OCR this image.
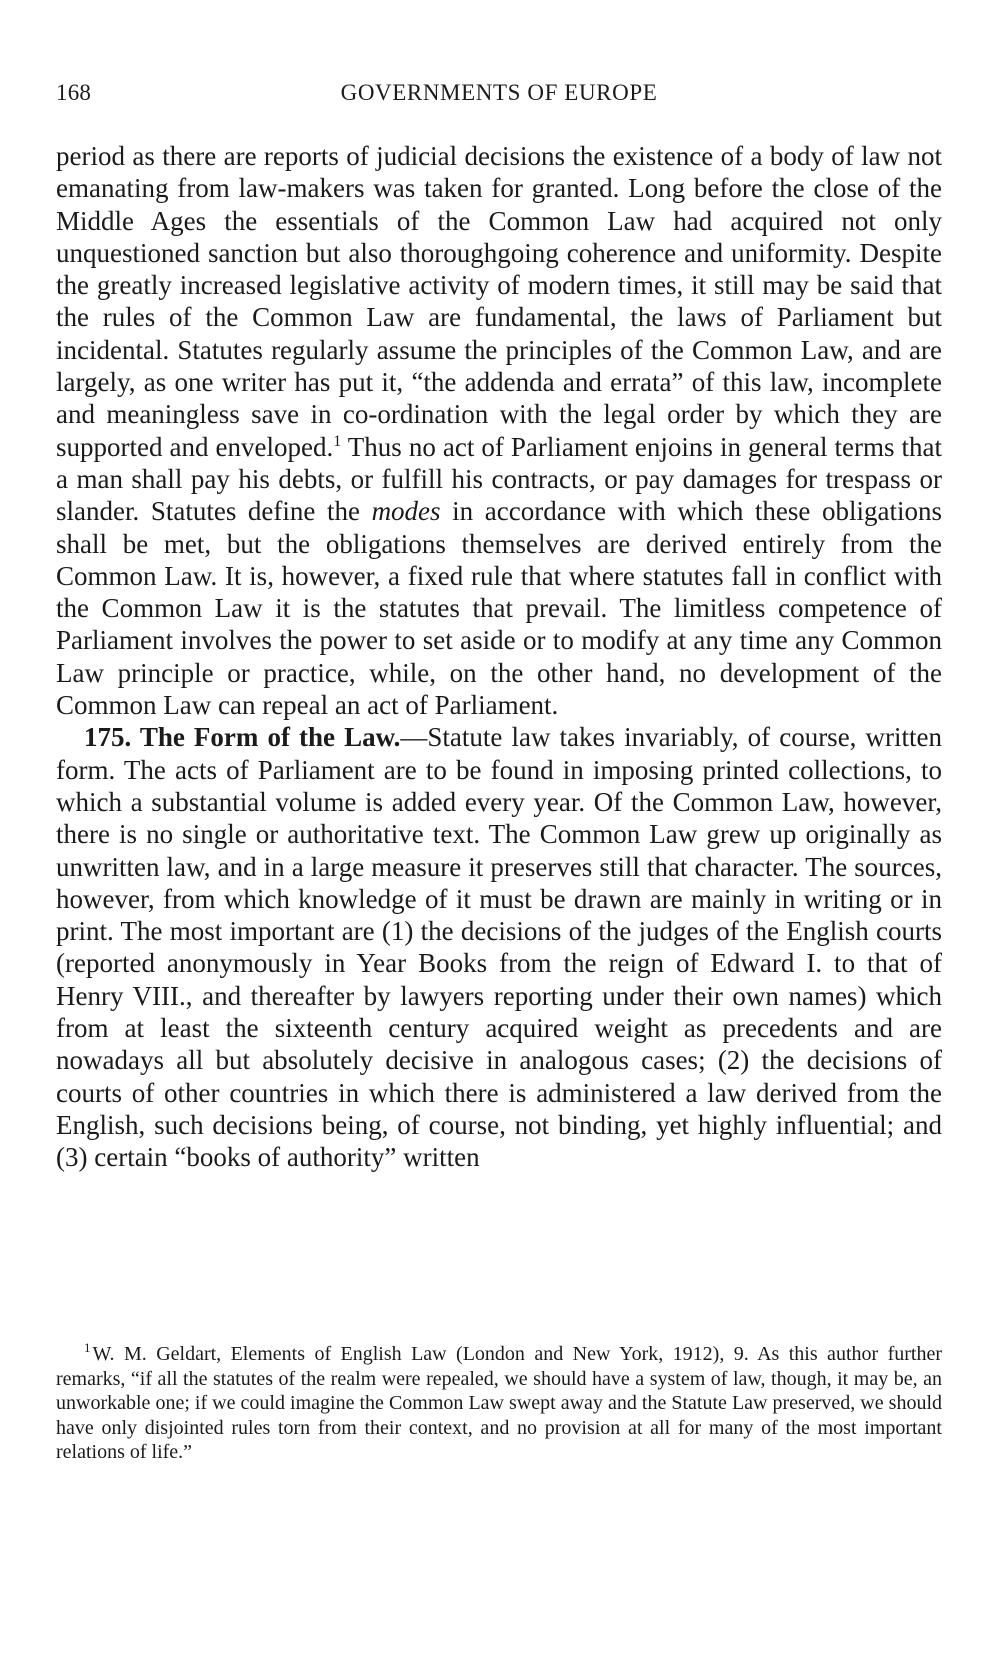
168	GOVERNMENTS OF EUROPE

period as there are reports of judicial decisions the existence of a body of law not emanating from law-makers was taken for granted. Long before the close of the Middle Ages the essentials of the Common Law had acquired not only unquestioned sanction but also thoroughgoing coherence and uniformity. Despite the greatly increased legislative activity of modern times, it still may be said that the rules of the Common Law are fundamental, the laws of Parliament but incidental. Statutes regularly assume the principles of the Common Law, and are largely, as one writer has put it, “the addenda and errata” of this law, incomplete and meaningless save in co-ordination with the legal order by which they are supported and enveloped.$^1$ Thus no act of Parliament enjoins in general terms that a man shall pay his debts, or fulfill his contracts, or pay damages for trespass or slander. Statutes define the modes in accordance with which these obligations shall be met, but the obligations themselves are derived entirely from the Common Law. It is, however, a fixed rule that where statutes fall in conflict with the Common Law it is the statutes that prevail. The limitless competence of Parliament involves the power to set aside or to modify at any time any Common Law principle or practice, while, on the other hand, no development of the Common Law can repeal an act of Parliament.

175. The Form of the Law.—Statute law takes invariably, of course, written form. The acts of Parliament are to be found in imposing printed collections, to which a substantial volume is added every year. Of the Common Law, however, there is no single or authoritative text. The Common Law grew up originally as unwritten law, and in a large measure it preserves still that character. The sources, however, from which knowledge of it must be drawn are mainly in writing or in print. The most important are (1) the decisions of the judges of the English courts (reported anonymously in Year Books from the reign of Edward I. to that of Henry VIII., and thereafter by lawyers reporting under their own names) which from at least the sixteenth century acquired weight as precedents and are nowadays all but absolutely decisive in analogous cases; (2) the decisions of courts of other countries in which there is administered a law derived from the English, such decisions being, of course, not binding, yet highly influential; and (3) certain “books of authority” written

$^1$ W. M. Geldart, Elements of English Law (London and New York, 1912), 9. As this author further remarks, “if all the statutes of the realm were repealed, we should have a system of law, though, it may be, an unworkable one; if we could imagine the Common Law swept away and the Statute Law preserved, we should have only disjointed rules torn from their context, and no provision at all for many of the most important relations of life.”
